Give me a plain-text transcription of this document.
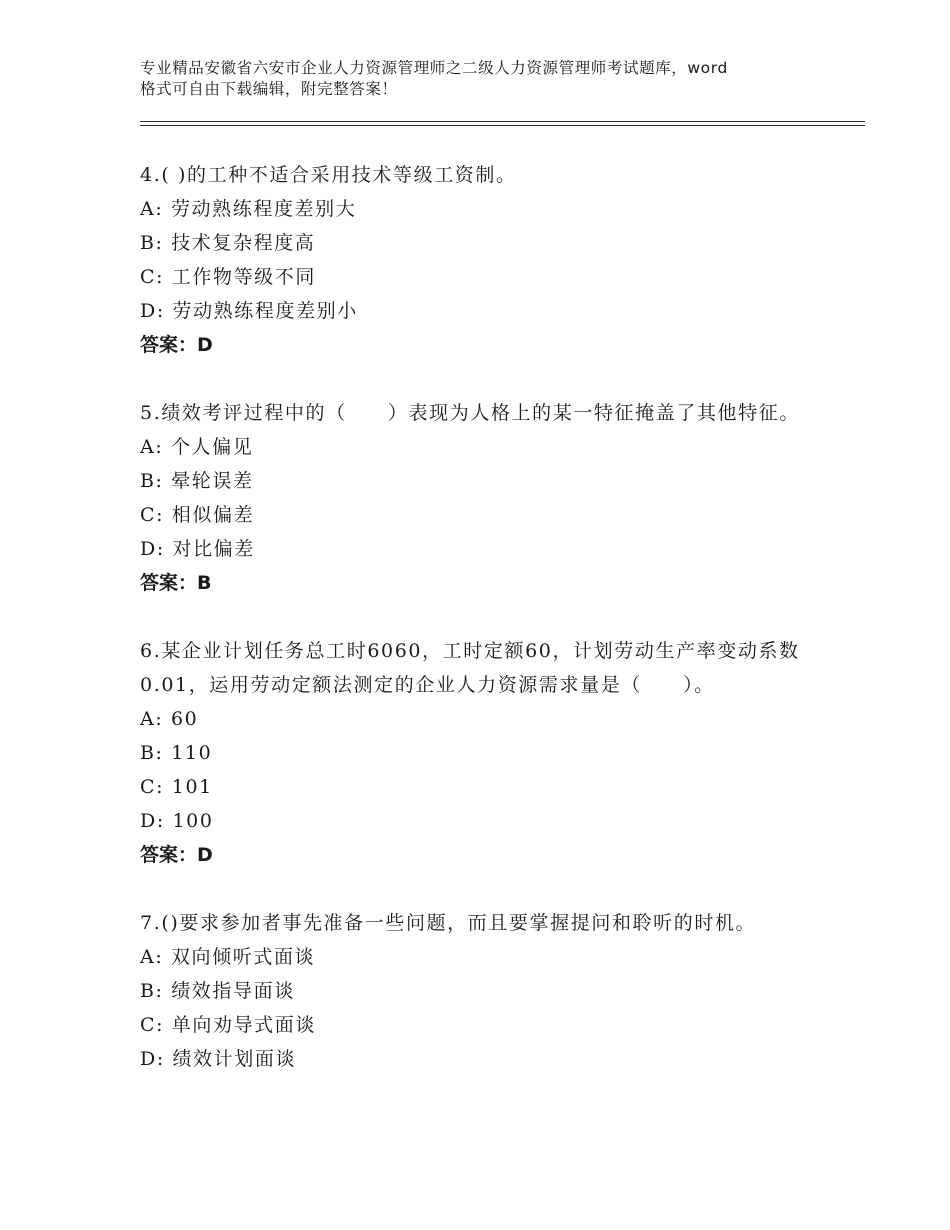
专业精品安徽省六安市企业人力资源管理师之二级人力资源管理师考试题库，word
格式可自由下载编辑，附完整答案！

4.( )的工种不适合采用技术等级工资制。

A: 劳动熟练程度差别大

B: 技术复杂程度高

C: 工作物等级不同

D: 劳动熟练程度差别小

答案：D

5.绩效考评过程中的（　　）表现为人格上的某一特征掩盖了其他特征。

A: 个人偏见

B: 晕轮误差

C: 相似偏差

D: 对比偏差

答案：B

6.某企业计划任务总工时6060，工时定额60，计划劳动生产率变动系数0.01，运用劳动定额法测定的企业人力资源需求量是（　　）。

A: 60

B: 110

C: 101

D: 100

答案：D

7.()要求参加者事先准备一些问题，而且要掌握提问和聆听的时机。

A: 双向倾听式面谈

B: 绩效指导面谈

C: 单向劝导式面谈

D: 绩效计划面谈
